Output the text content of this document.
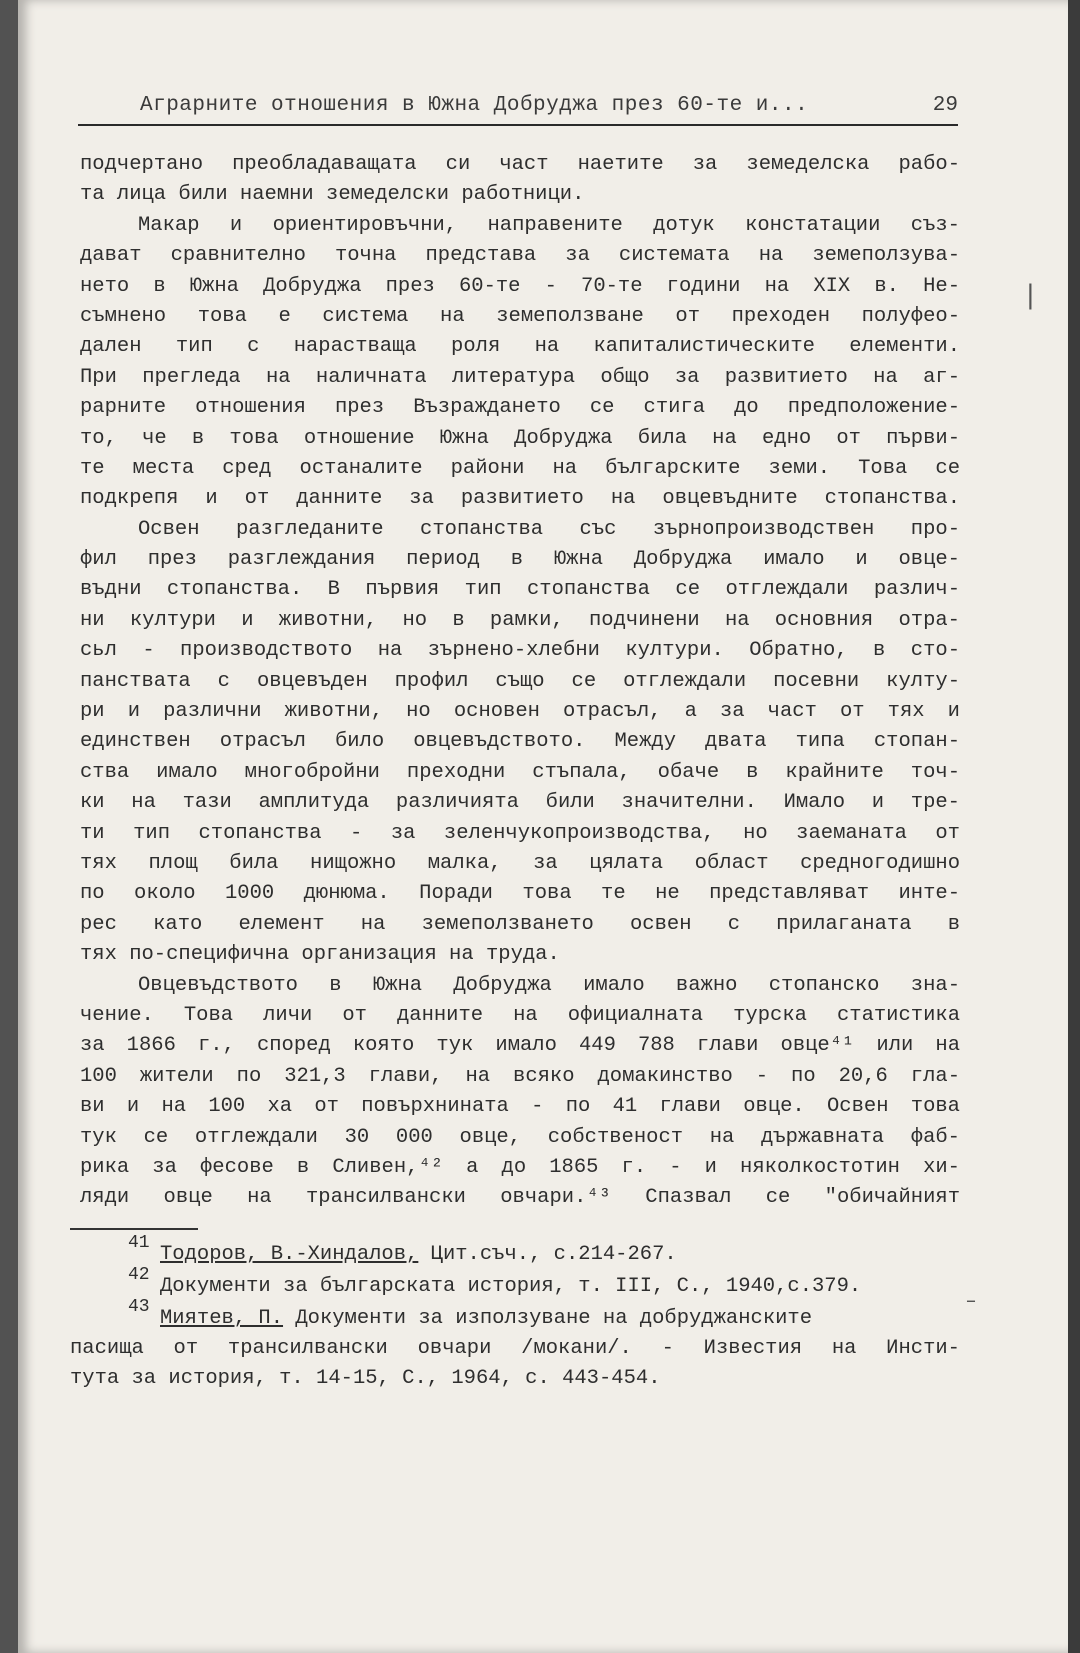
Аграрните отношения в Южна Добруджа през 60-те и...	29
подчертано преобладаващата си част наетите за земеделска рабо-
та лица били наемни земеделски работници.
Макар и ориентировъчни, направените дотук констатации съз-
дават сравнително точна представа за системата на земеползува-
нето в Южна Добруджа през 60-те - 70-те години на XIX в. Не-
съмнено това е система на земеползване от преходен полуфео-
дален тип с нарастваща роля на капиталистическите елементи.
При прегледа на наличната литература общо за развитието на аг-
рарните отношения през Възраждането се стига до предположение-
то, че в това отношение Южна Добруджа била на едно от първи-
те места сред останалите райони на българските земи. Това се
подкрепя и от данните за развитието на овцевъдните стопанства.
Освен разгледаните стопанства със зърнопроизводствен про-
фил през разглеждания период в Южна Добруджа имало и овце-
въдни стопанства. В първия тип стопанства се отглеждали различ-
ни култури и животни, но в рамки, подчинени на основния отра-
сьл - производството на зърнено-хлебни култури. Обратно, в сто-
панствата с овцевъден профил също се отглеждали посевни култу-
ри и различни животни, но основен отрасъл, а за част от тях и
единствен отрасъл било овцевъдството. Между двата типа стопан-
ства имало многобройни преходни стъпала, обаче в крайните точ-
ки на тази амплитуда различията били значителни. Имало и тре-
ти тип стопанства - за зеленчукопроизводства, но заеманата от
тях площ била нищожно малка, за цялата област средногодишно
по около 1000 дюнюма. Поради това те не представляват инте-
рес като елемент на земеползването освен с прилаганата в
тях по-специфична организация на труда.
Овцевъдството в Южна Добруджа имало важно стопанско зна-
чение. Това личи от данните на официалната турска статистика
за 1866 г., според която тук имало 449 788 глави овце⁴¹ или на
100 жители по 321,3 глави, на всяко домакинство - по 20,6 гла-
ви и на 100 ха от повърхнината - по 41 глави овце. Освен това
тук се отглеждали 30 000 овце, собственост на държавната фаб-
рика за фесове в Сливен,⁴² а до 1865 г. - и няколкостотин хи-
ляди овце на трансилвански овчари.⁴³ Спазвал се "обичайният
41 Тодоров, В.-Хиндалов, Цит.съч., с.214-267.
42 Документи за българската история, т. III, С., 1940,с.379.
43 Миятев, П. Документи за използуване на добруджанските
пасища от трансилвански овчари /мокани/. - Известия на Инсти-
тута за история, т. 14-15, С., 1964, с. 443-454.
|
–
